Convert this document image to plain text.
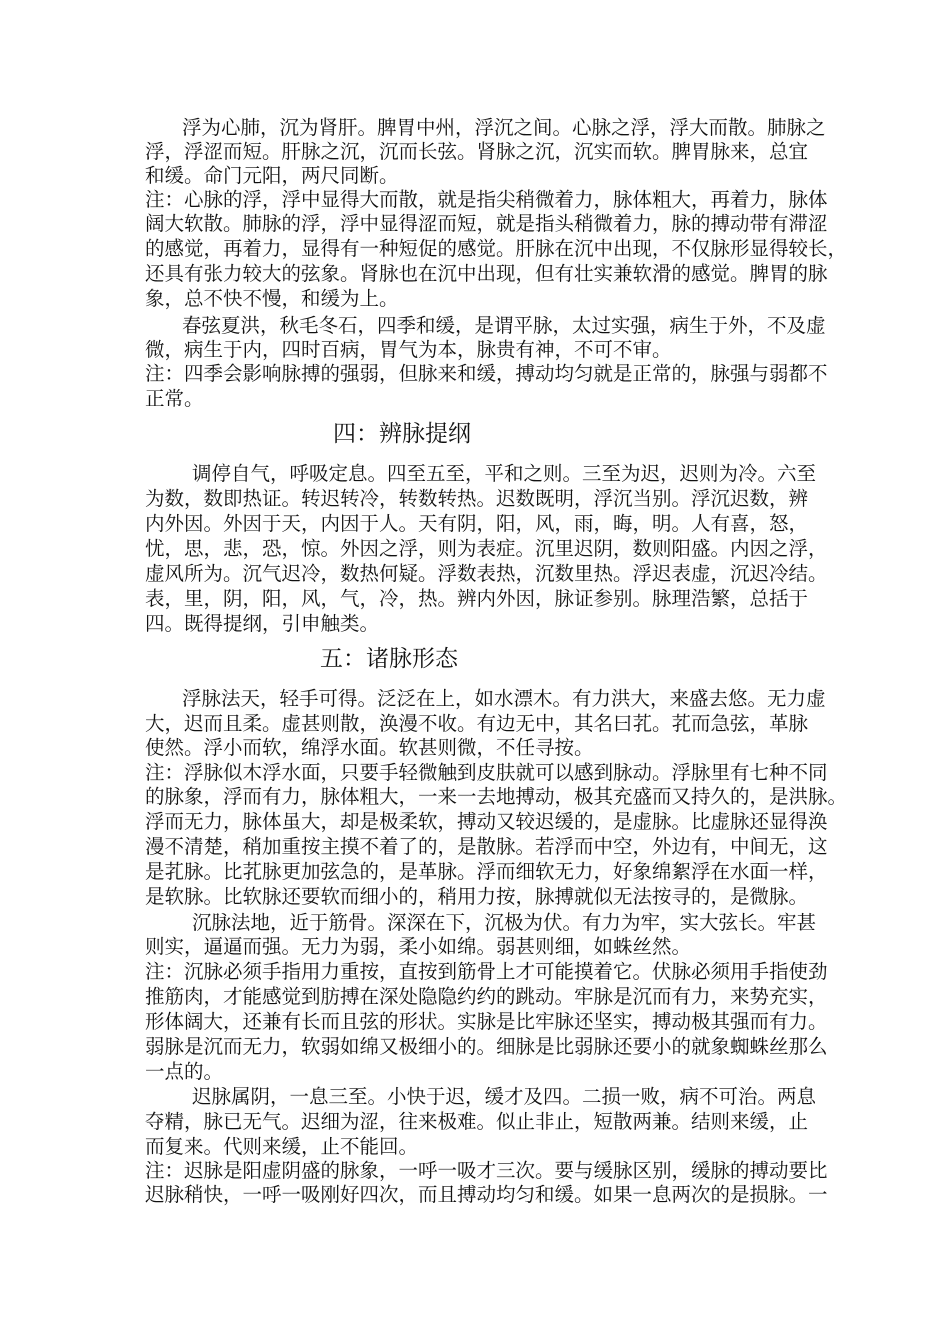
浮为心肺，沉为肾肝。脾胃中州，浮沉之间。心脉之浮，浮大而散。肺脉之
浮，浮涩而短。肝脉之沉，沉而长弦。肾脉之沉，沉实而软。脾胃脉来，总宜
和缓。命门元阳，两尺同断。
注：心脉的浮，浮中显得大而散，就是指尖稍微着力，脉体粗大，再着力，脉体
阔大软散。肺脉的浮，浮中显得涩而短，就是指头稍微着力，脉的搏动带有滞涩
的感觉，再着力，显得有一种短促的感觉。肝脉在沉中出现，不仅脉形显得较长，
还具有张力较大的弦象。肾脉也在沉中出现，但有壮实兼软滑的感觉。脾胃的脉
象，总不快不慢，和缓为上。
春弦夏洪，秋毛冬石，四季和缓，是谓平脉，太过实强，病生于外，不及虚
微，病生于内，四时百病，胃气为本，脉贵有神，不可不审。
注：四季会影响脉搏的强弱，但脉来和缓，搏动均匀就是正常的，脉强与弱都不
正常。
四：辨脉提纲
调停自气，呼吸定息。四至五至，平和之则。三至为迟，迟则为冷。六至
为数，数即热证。转迟转冷，转数转热。迟数既明，浮沉当别。浮沉迟数，辨
内外因。外因于天，内因于人。天有阴，阳，风，雨，晦，明。人有喜，怒，
忧，思，悲，恐，惊。外因之浮，则为表症。沉里迟阴，数则阳盛。内因之浮，
虚风所为。沉气迟冷，数热何疑。浮数表热，沉数里热。浮迟表虚，沉迟冷结。
表，里，阴，阳，风，气，冷，热。辨内外因，脉证参别。脉理浩繁，总括于
四。既得提纲，引申触类。
五：诸脉形态
浮脉法天，轻手可得。泛泛在上，如水漂木。有力洪大，来盛去悠。无力虚
大，迟而且柔。虚甚则散，涣漫不收。有边无中，其名曰芤。芤而急弦，革脉
使然。浮小而软，绵浮水面。软甚则微，不任寻按。
注：浮脉似木浮水面，只要手轻微触到皮肤就可以感到脉动。浮脉里有七种不同
的脉象，浮而有力，脉体粗大，一来一去地搏动，极其充盛而又持久的，是洪脉。
浮而无力，脉体虽大，却是极柔软，搏动又较迟缓的，是虚脉。比虚脉还显得涣
漫不清楚，稍加重按主摸不着了的，是散脉。若浮而中空，外边有，中间无，这
是芤脉。比芤脉更加弦急的，是革脉。浮而细软无力，好象绵絮浮在水面一样，
是软脉。比软脉还要软而细小的，稍用力按，脉搏就似无法按寻的，是微脉。
沉脉法地，近于筋骨。深深在下，沉极为伏。有力为牢，实大弦长。牢甚
则实，逼逼而强。无力为弱，柔小如绵。弱甚则细，如蛛丝然。
注：沉脉必须手指用力重按，直按到筋骨上才可能摸着它。伏脉必须用手指使劲
推筋肉，才能感觉到肪搏在深处隐隐约约的跳动。牢脉是沉而有力，来势充实，
形体阔大，还兼有长而且弦的形状。实脉是比牢脉还坚实，搏动极其强而有力。
弱脉是沉而无力，软弱如绵又极细小的。细脉是比弱脉还要小的就象蜘蛛丝那么
一点的。
迟脉属阴，一息三至。小快于迟，缓才及四。二损一败，病不可治。两息
夺精，脉已无气。迟细为涩，往来极难。似止非止，短散两兼。结则来缓，止
而复来。代则来缓，止不能回。
注：迟脉是阳虚阴盛的脉象，一呼一吸才三次。要与缓脉区别，缓脉的搏动要比
迟脉稍快，一呼一吸刚好四次，而且搏动均匀和缓。如果一息两次的是损脉。一
